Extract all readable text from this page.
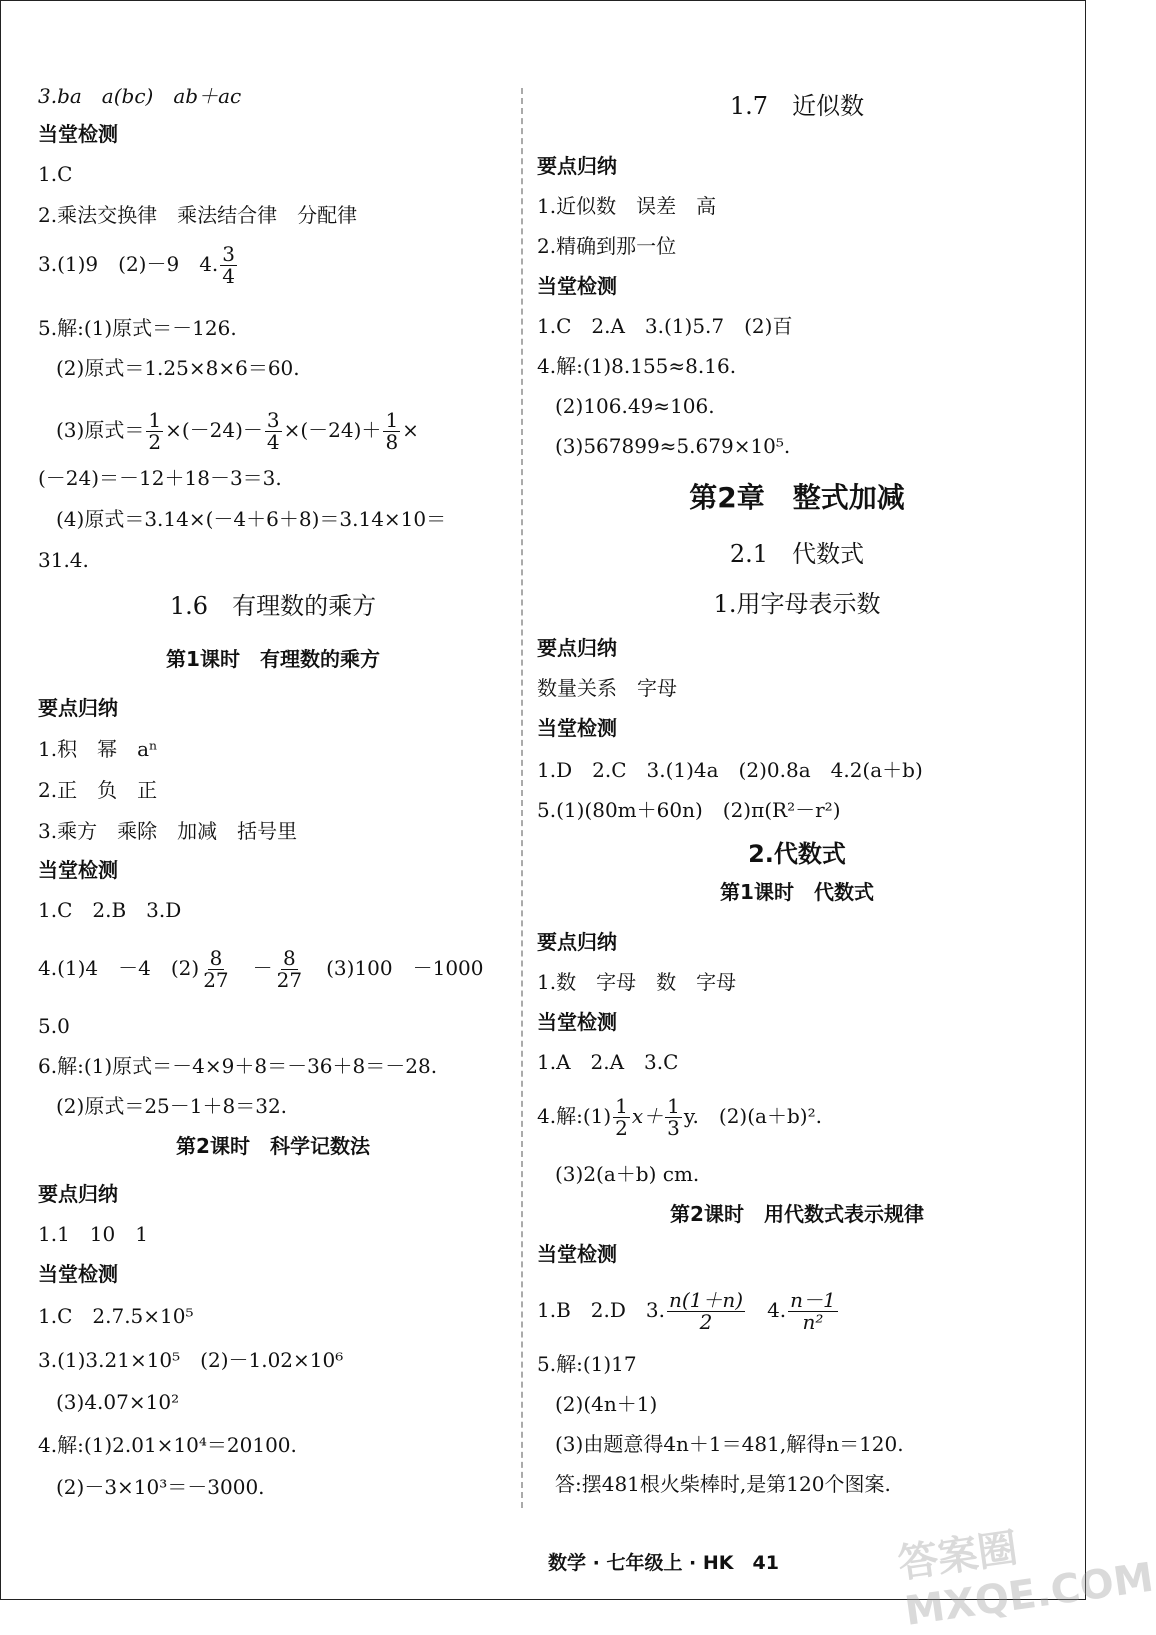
3.ba　a(bc)　ab＋ac
当堂检测
1.C
2.乘法交换律　乘法结合律　分配律
3.(1)9　(2)－9　4. $\frac{3}{4}$
5.解:(1)原式＝－126.
(2)原式＝1.25×8×6＝60.
(3)原式＝ $\frac{1}{2} \times(-24)- \frac{3}{4} \times(-24)+ \frac{1}{8}$ ×
(－24)＝－12＋18－3＝3.
(4)原式＝3.14×(－4＋6＋8)＝3.14×10＝
31.4.
1.6　有理数的乘方
第1课时　有理数的乘方
要点归纳
1.积　幂　aⁿ
2.正　负　正
3.乘方　乘除　加减　括号里
当堂检测
1.C　2.B　3.D
4.(1)4　－4　$(2) \frac{8}{27}$ 　－ $\frac{8}{27}$ 　(3)100　－1000
5.0
6.解:(1)原式＝－4×9＋8＝－36＋8＝－28.
(2)原式＝25－1＋8＝32.
第2课时　科学记数法
要点归纳
1.1　10　1
当堂检测
1.C　2.7.5×10⁵
3.(1)3.21×10⁵　(2)－1.02×10⁶
(3)4.07×10²
4.解:(1)2.01×10⁴＝20100.
(2)－3×10³＝－3000.
1.7　近似数
要点归纳
1.近似数　误差　高
2.精确到那一位
当堂检测
1.C　2.A　3.(1)5.7　(2)百
4.解:(1)8.155≈8.16.
(2)106.49≈106.
(3)567899≈5.679×10⁵.
第2章　整式加减
2.1　代数式
1.用字母表示数
要点归纳
数量关系　字母
当堂检测
1.D　2.C　3.(1)4a　(2)0.8a　4.2(a＋b)
5.(1)(80m＋60n)　(2)π(R²－r²)
2.代数式
第1课时　代数式
要点归纳
1.数　字母　数　字母
当堂检测
1.A　2.A　3.C
4.解:(1) $\frac{1}{2} x+ \frac{1}{3} y$.　(2)(a＋b)².
(3)2(a＋b) cm.
第2课时　用代数式表示规律
当堂检测
1.B　2.D　3. $\frac{n(1+n)}{2}$ 　4. $\frac{n-1}{\text{n²}}$
5.解:(1)17
(2)(4n＋1)
(3)由题意得4n＋1＝481,解得n＝120.
答:摆481根火柴棒时,是第120个图案.
数学 · 七年级上 · HK　41	答案圈 MXQE.COM
